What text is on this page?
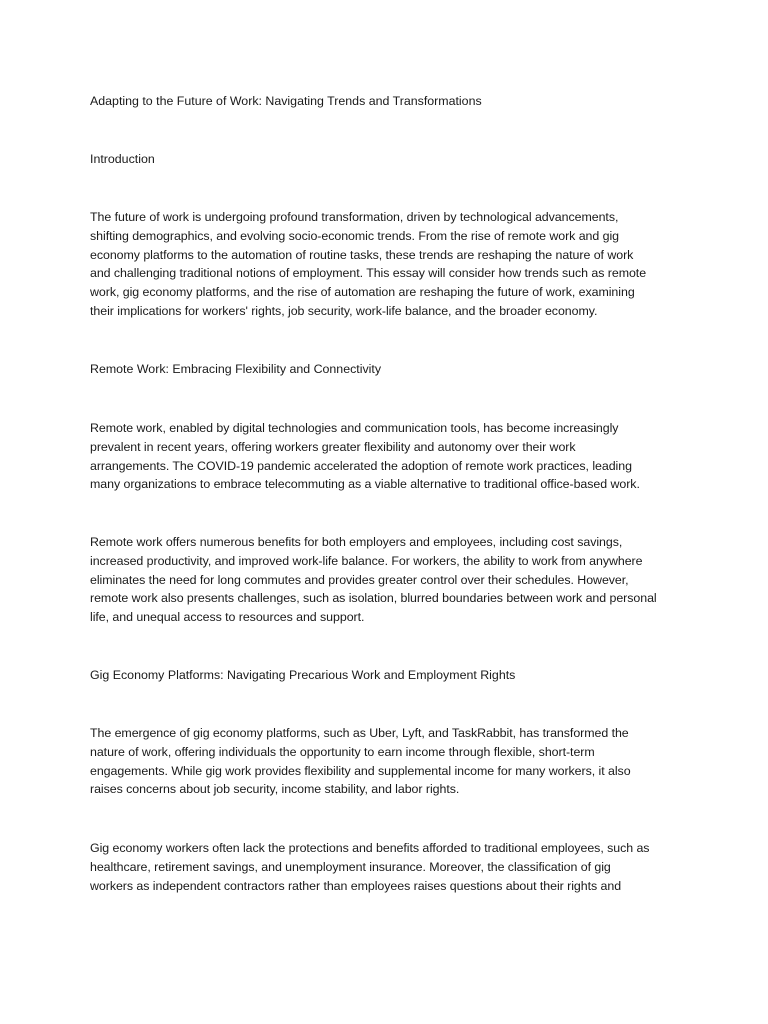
Adapting to the Future of Work: Navigating Trends and Transformations

Introduction

The future of work is undergoing profound transformation, driven by technological advancements,
shifting demographics, and evolving socio-economic trends. From the rise of remote work and gig
economy platforms to the automation of routine tasks, these trends are reshaping the nature of work
and challenging traditional notions of employment. This essay will consider how trends such as remote
work, gig economy platforms, and the rise of automation are reshaping the future of work, examining
their implications for workers' rights, job security, work-life balance, and the broader economy.

Remote Work: Embracing Flexibility and Connectivity

Remote work, enabled by digital technologies and communication tools, has become increasingly
prevalent in recent years, offering workers greater flexibility and autonomy over their work
arrangements. The COVID-19 pandemic accelerated the adoption of remote work practices, leading
many organizations to embrace telecommuting as a viable alternative to traditional office-based work.

Remote work offers numerous benefits for both employers and employees, including cost savings,
increased productivity, and improved work-life balance. For workers, the ability to work from anywhere
eliminates the need for long commutes and provides greater control over their schedules. However,
remote work also presents challenges, such as isolation, blurred boundaries between work and personal
life, and unequal access to resources and support.

Gig Economy Platforms: Navigating Precarious Work and Employment Rights

The emergence of gig economy platforms, such as Uber, Lyft, and TaskRabbit, has transformed the
nature of work, offering individuals the opportunity to earn income through flexible, short-term
engagements. While gig work provides flexibility and supplemental income for many workers, it also
raises concerns about job security, income stability, and labor rights.

Gig economy workers often lack the protections and benefits afforded to traditional employees, such as
healthcare, retirement savings, and unemployment insurance. Moreover, the classification of gig
workers as independent contractors rather than employees raises questions about their rights and
